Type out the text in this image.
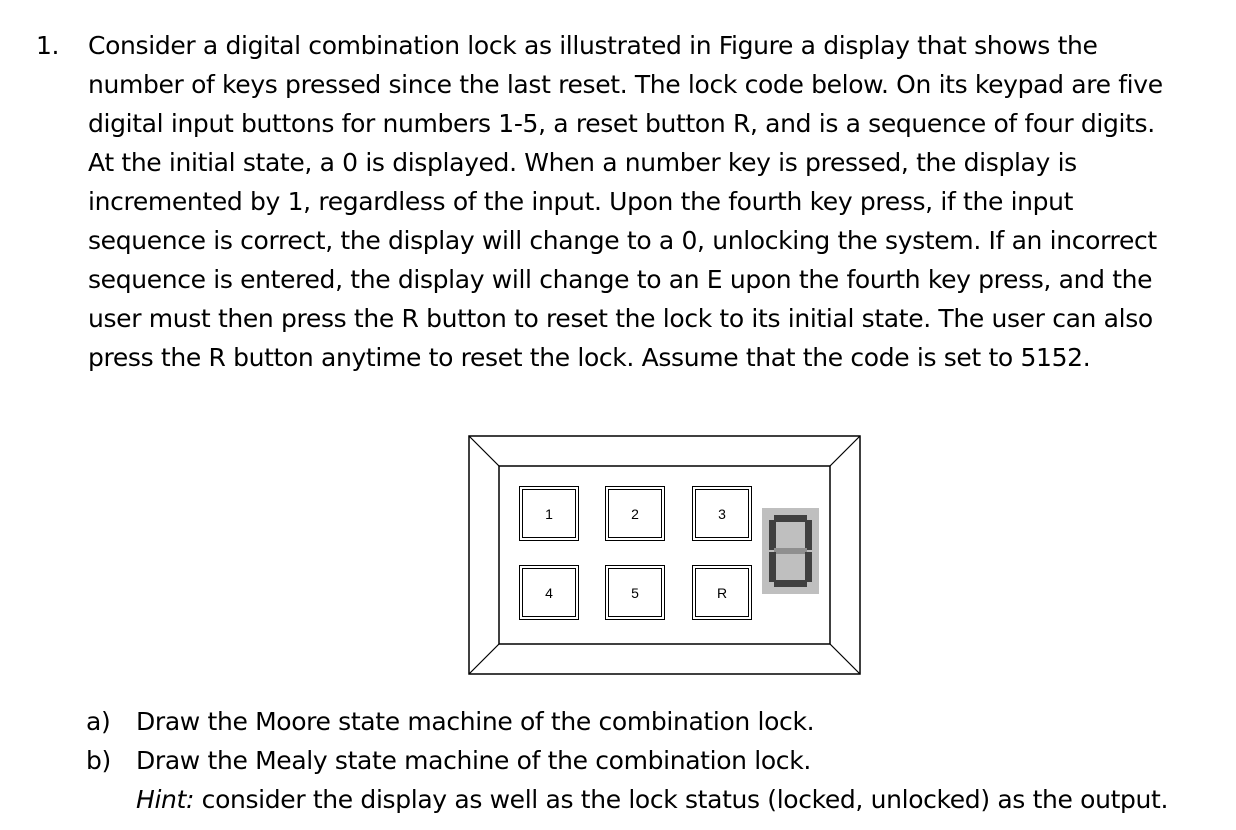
1. Consider a digital combination lock as illustrated in Figure a display that shows the
number of keys pressed since the last reset. The lock code below. On its keypad are five
digital input buttons for numbers 1-5, a reset button R, and is a sequence of four digits.
At the initial state, a 0 is displayed. When a number key is pressed, the display is
incremented by 1, regardless of the input. Upon the fourth key press, if the input
sequence is correct, the display will change to a 0, unlocking the system. If an incorrect
sequence is entered, the display will change to an E upon the fourth key press, and the
user must then press the R button to reset the lock to its initial state. The user can also
press the R button anytime to reset the lock. Assume that the code is set to 5152.
1	2	3
4	5	R
a) Draw the Moore state machine of the combination lock.
b) Draw the Mealy state machine of the combination lock.
Hint: consider the display as well as the lock status (locked, unlocked) as the output.
